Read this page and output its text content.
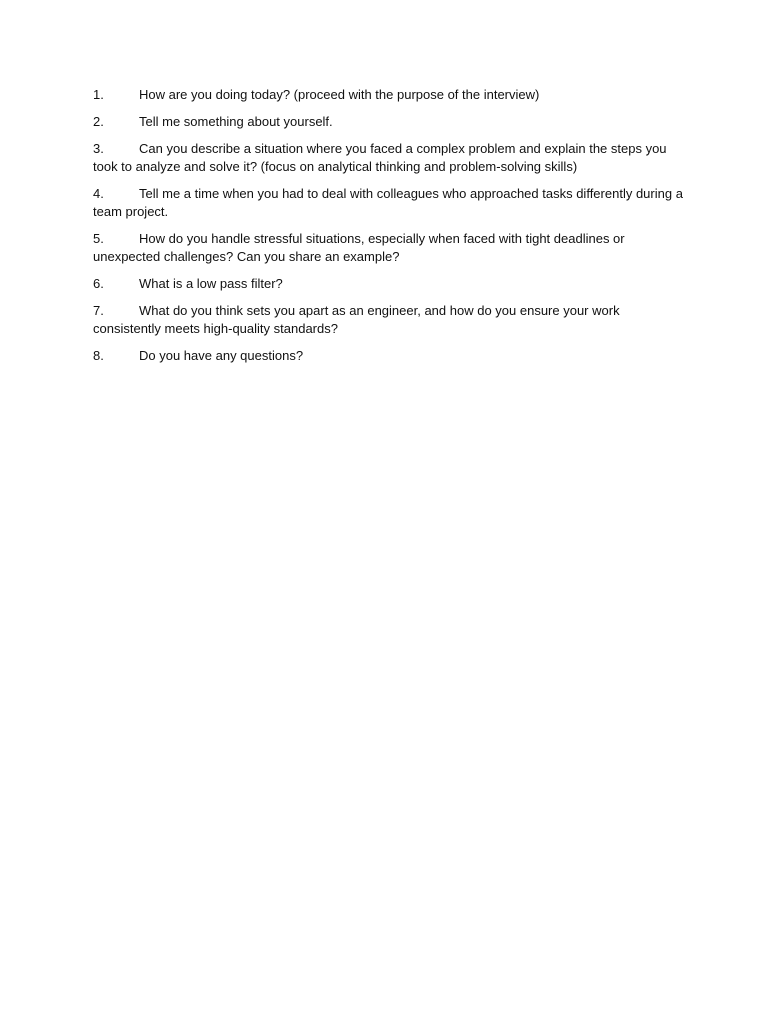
1.	How are you doing today? (proceed with the purpose of the interview)
2.	Tell me something about yourself.
3.	Can you describe a situation where you faced a complex problem and explain the steps you took to analyze and solve it? (focus on analytical thinking and problem-solving skills)
4.	Tell me a time when you had to deal with colleagues who approached tasks differently during a team project.
5.	How do you handle stressful situations, especially when faced with tight deadlines or unexpected challenges? Can you share an example?
6.	What is a low pass filter?
7.	What do you think sets you apart as an engineer, and how do you ensure your work consistently meets high-quality standards?
8.	Do you have any questions?
